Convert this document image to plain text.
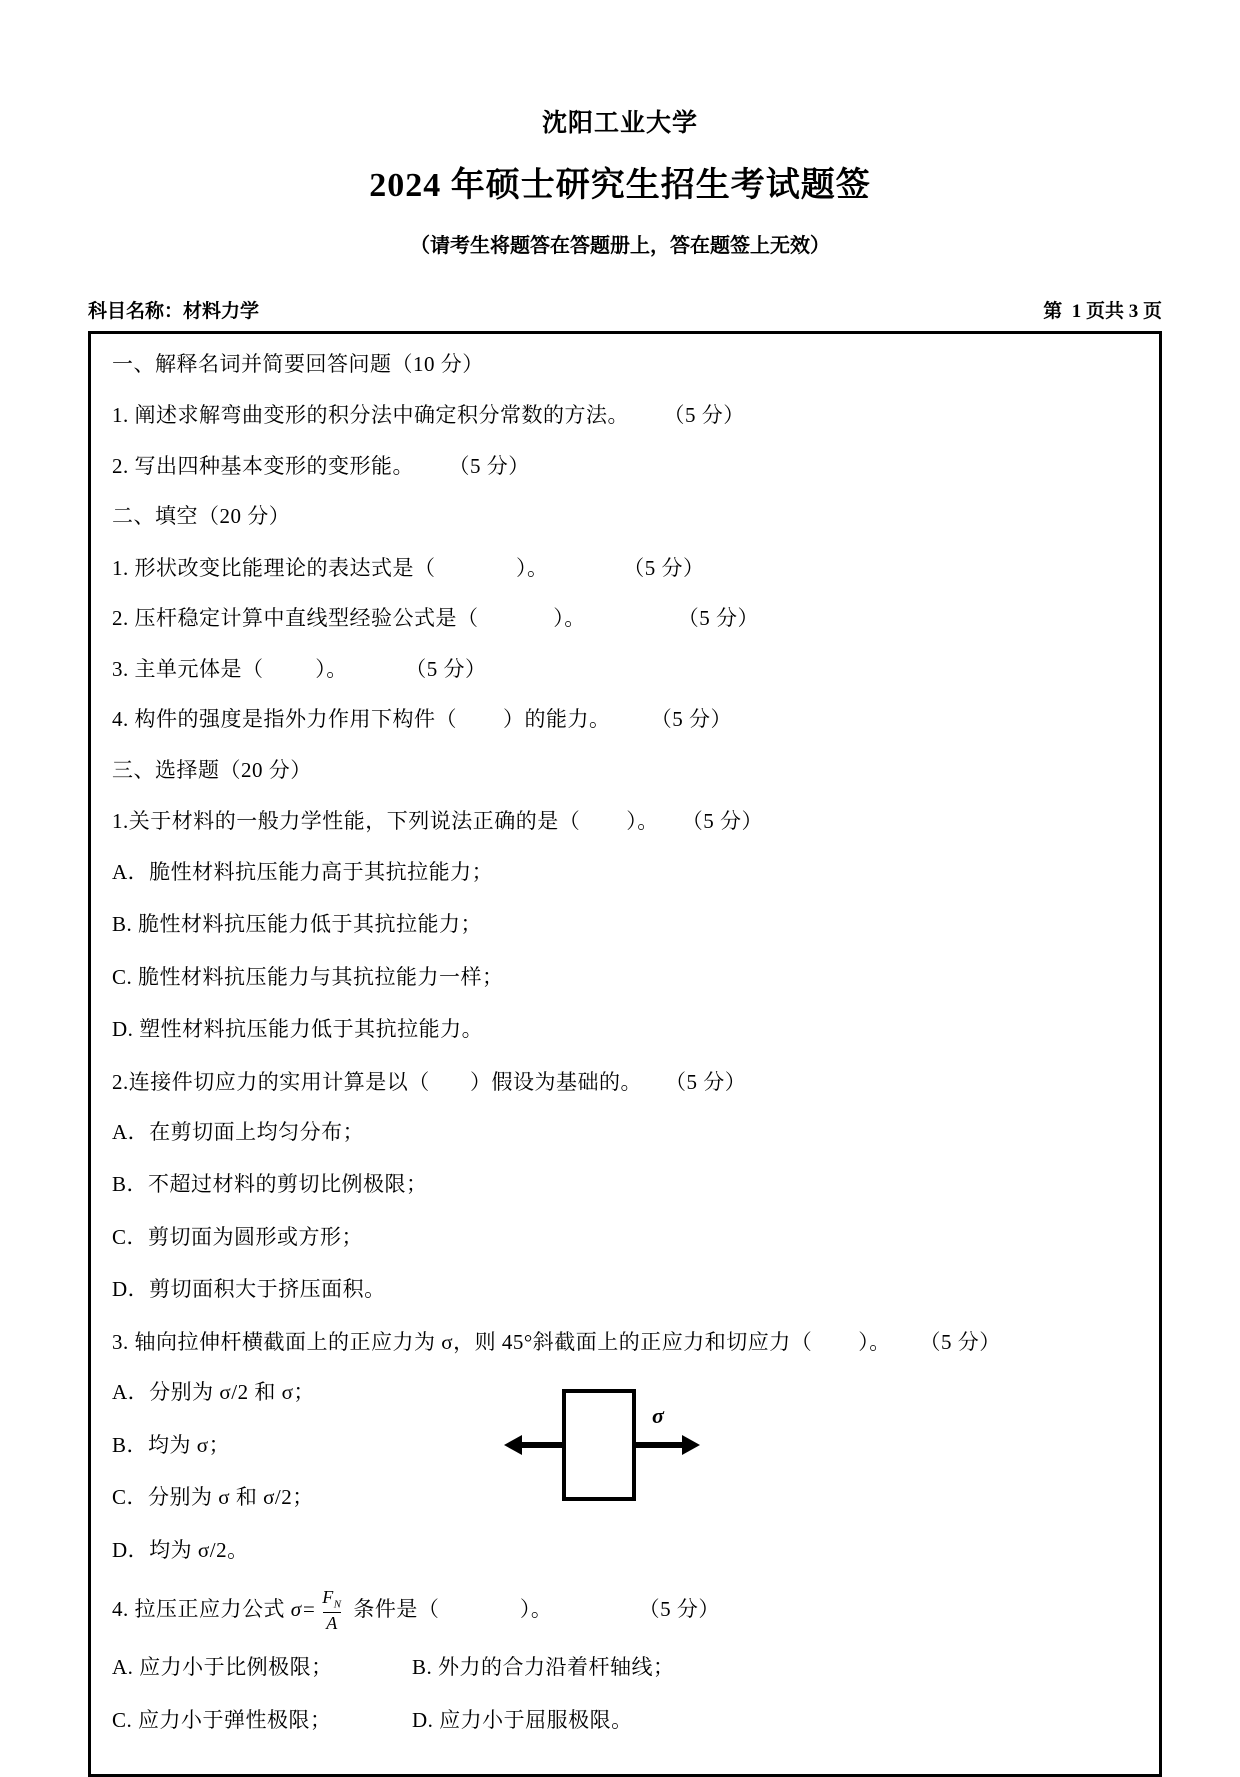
沈阳工业大学
2024 年硕士研究生招生考试题签
（请考生将题答在答题册上，答在题签上无效）
科目名称：材料力学	第  1 页共 3 页
一、解释名词并简要回答问题（10 分）
1. 阐述求解弯曲变形的积分法中确定积分常数的方法。      （5 分）
2. 写出四种基本变形的变形能。      （5 分）
二、填空（20 分）
1. 形状改变比能理论的表达式是（              ）。             （5 分）
2. 压杆稳定计算中直线型经验公式是（             ）。                （5 分）
3. 主单元体是（         ）。          （5 分）
4. 构件的强度是指外力作用下构件（        ）的能力。       （5 分）
三、选择题（20 分）
1.关于材料的一般力学性能，下列说法正确的是（        ）。    （5 分）
A．脆性材料抗压能力高于其抗拉能力；
B. 脆性材料抗压能力低于其抗拉能力；
C. 脆性材料抗压能力与其抗拉能力一样；
D. 塑性材料抗压能力低于其抗拉能力。
2.连接件切应力的实用计算是以（       ）假设为基础的。    （5 分）
A．在剪切面上均匀分布；
B．不超过材料的剪切比例极限；
C．剪切面为圆形或方形；
D．剪切面积大于挤压面积。
3. 轴向拉伸杆横截面上的正应力为 σ，则 45°斜截面上的正应力和切应力（        ）。     （5 分）
A．分别为 σ/2 和 σ；
B．均为 σ；
C．分别为 σ 和 σ/2；
D．均为 σ/2。
σ
4. 拉压正应力公式 $\sigma= \frac{F_N}{A}$ 条件是（              ）。               （5 分）
A. 应力小于比例极限；	B. 外力的合力沿着杆轴线；
C. 应力小于弹性极限；	D. 应力小于屈服极限。
